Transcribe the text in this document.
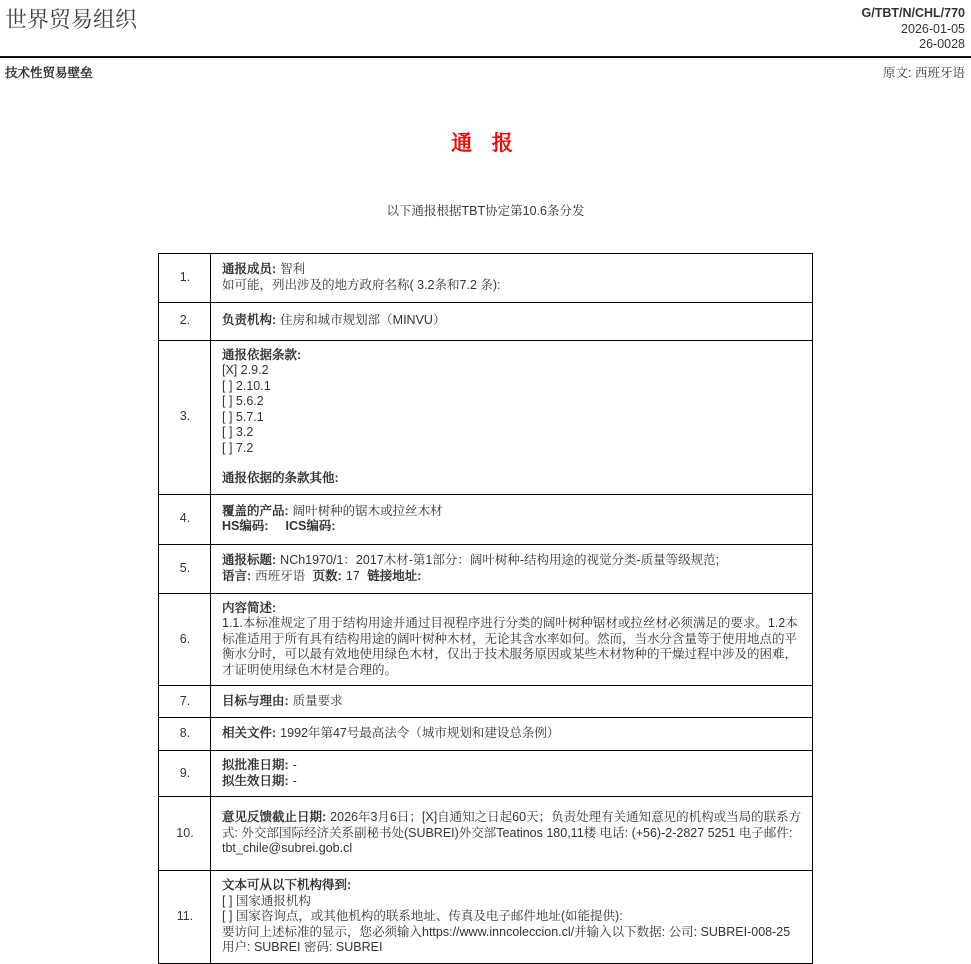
世界贸易组织	G/TBT/N/CHL/770
2026-01-05
26-0028
技术性贸易壁垒	原文: 西班牙语
通 报
以下通报根据TBT协定第10.6条分发
1.	通报成员: 智利
如可能，列出涉及的地方政府名称( 3.2条和7.2 条):

2.	负责机构: 住房和城市规划部（MINVU）

3.	
通报依据条款:
[X] 2.9.2
[ ] 2.10.1
[ ] 5.6.2
[ ] 5.7.1
[ ] 3.2
[ ] 7.2
通报依据的条款其他:

4.	覆盖的产品: 阔叶树种的锯木或拉丝木材
HS编码: ICS编码:

5.	通报标题: NCh1970/1：2017木材-第1部分：阔叶树种-结构用途的视觉分类-质量等级规范;
语言: 西班牙语 页数: 17 链接地址:

6.	内容简述:
1.1.本标准规定了用于结构用途并通过目视程序进行分类的阔叶树种锯材或拉丝材必须满足的要求。1.2本标准适用于所有具有结构用途的阔叶树种木材，无论其含水率如何。然而，当水分含量等于使用地点的平衡水分时，可以最有效地使用绿色木材，仅出于技术服务原因或某些木材物种的干燥过程中涉及的困难，才证明使用绿色木材是合理的。

7.	目标与理由: 质量要求

8.	相关文件: 1992年第47号最高法令（城市规划和建设总条例）

9.	拟批准日期: -
拟生效日期: -

10.	意见反馈截止日期: 2026年3月6日；[X]自通知之日起60天；负责处理有关通知意见的机构或当局的联系方式: 外交部国际经济关系副秘书处(SUBREI)外交部Teatinos 180,11楼 电话: (+56)-2-2827 5251 电子邮件: tbt_chile@subrei.gob.cl

11.	文本可从以下机构得到:
[ ] 国家通报机构
[ ] 国家咨询点，或其他机构的联系地址、传真及电子邮件地址(如能提供):
要访问上述标准的显示，您必须输入https://www.inncoleccion.cl/并输入以下数据: 公司: SUBREI-008-25 用户: SUBREI 密码: SUBREI
